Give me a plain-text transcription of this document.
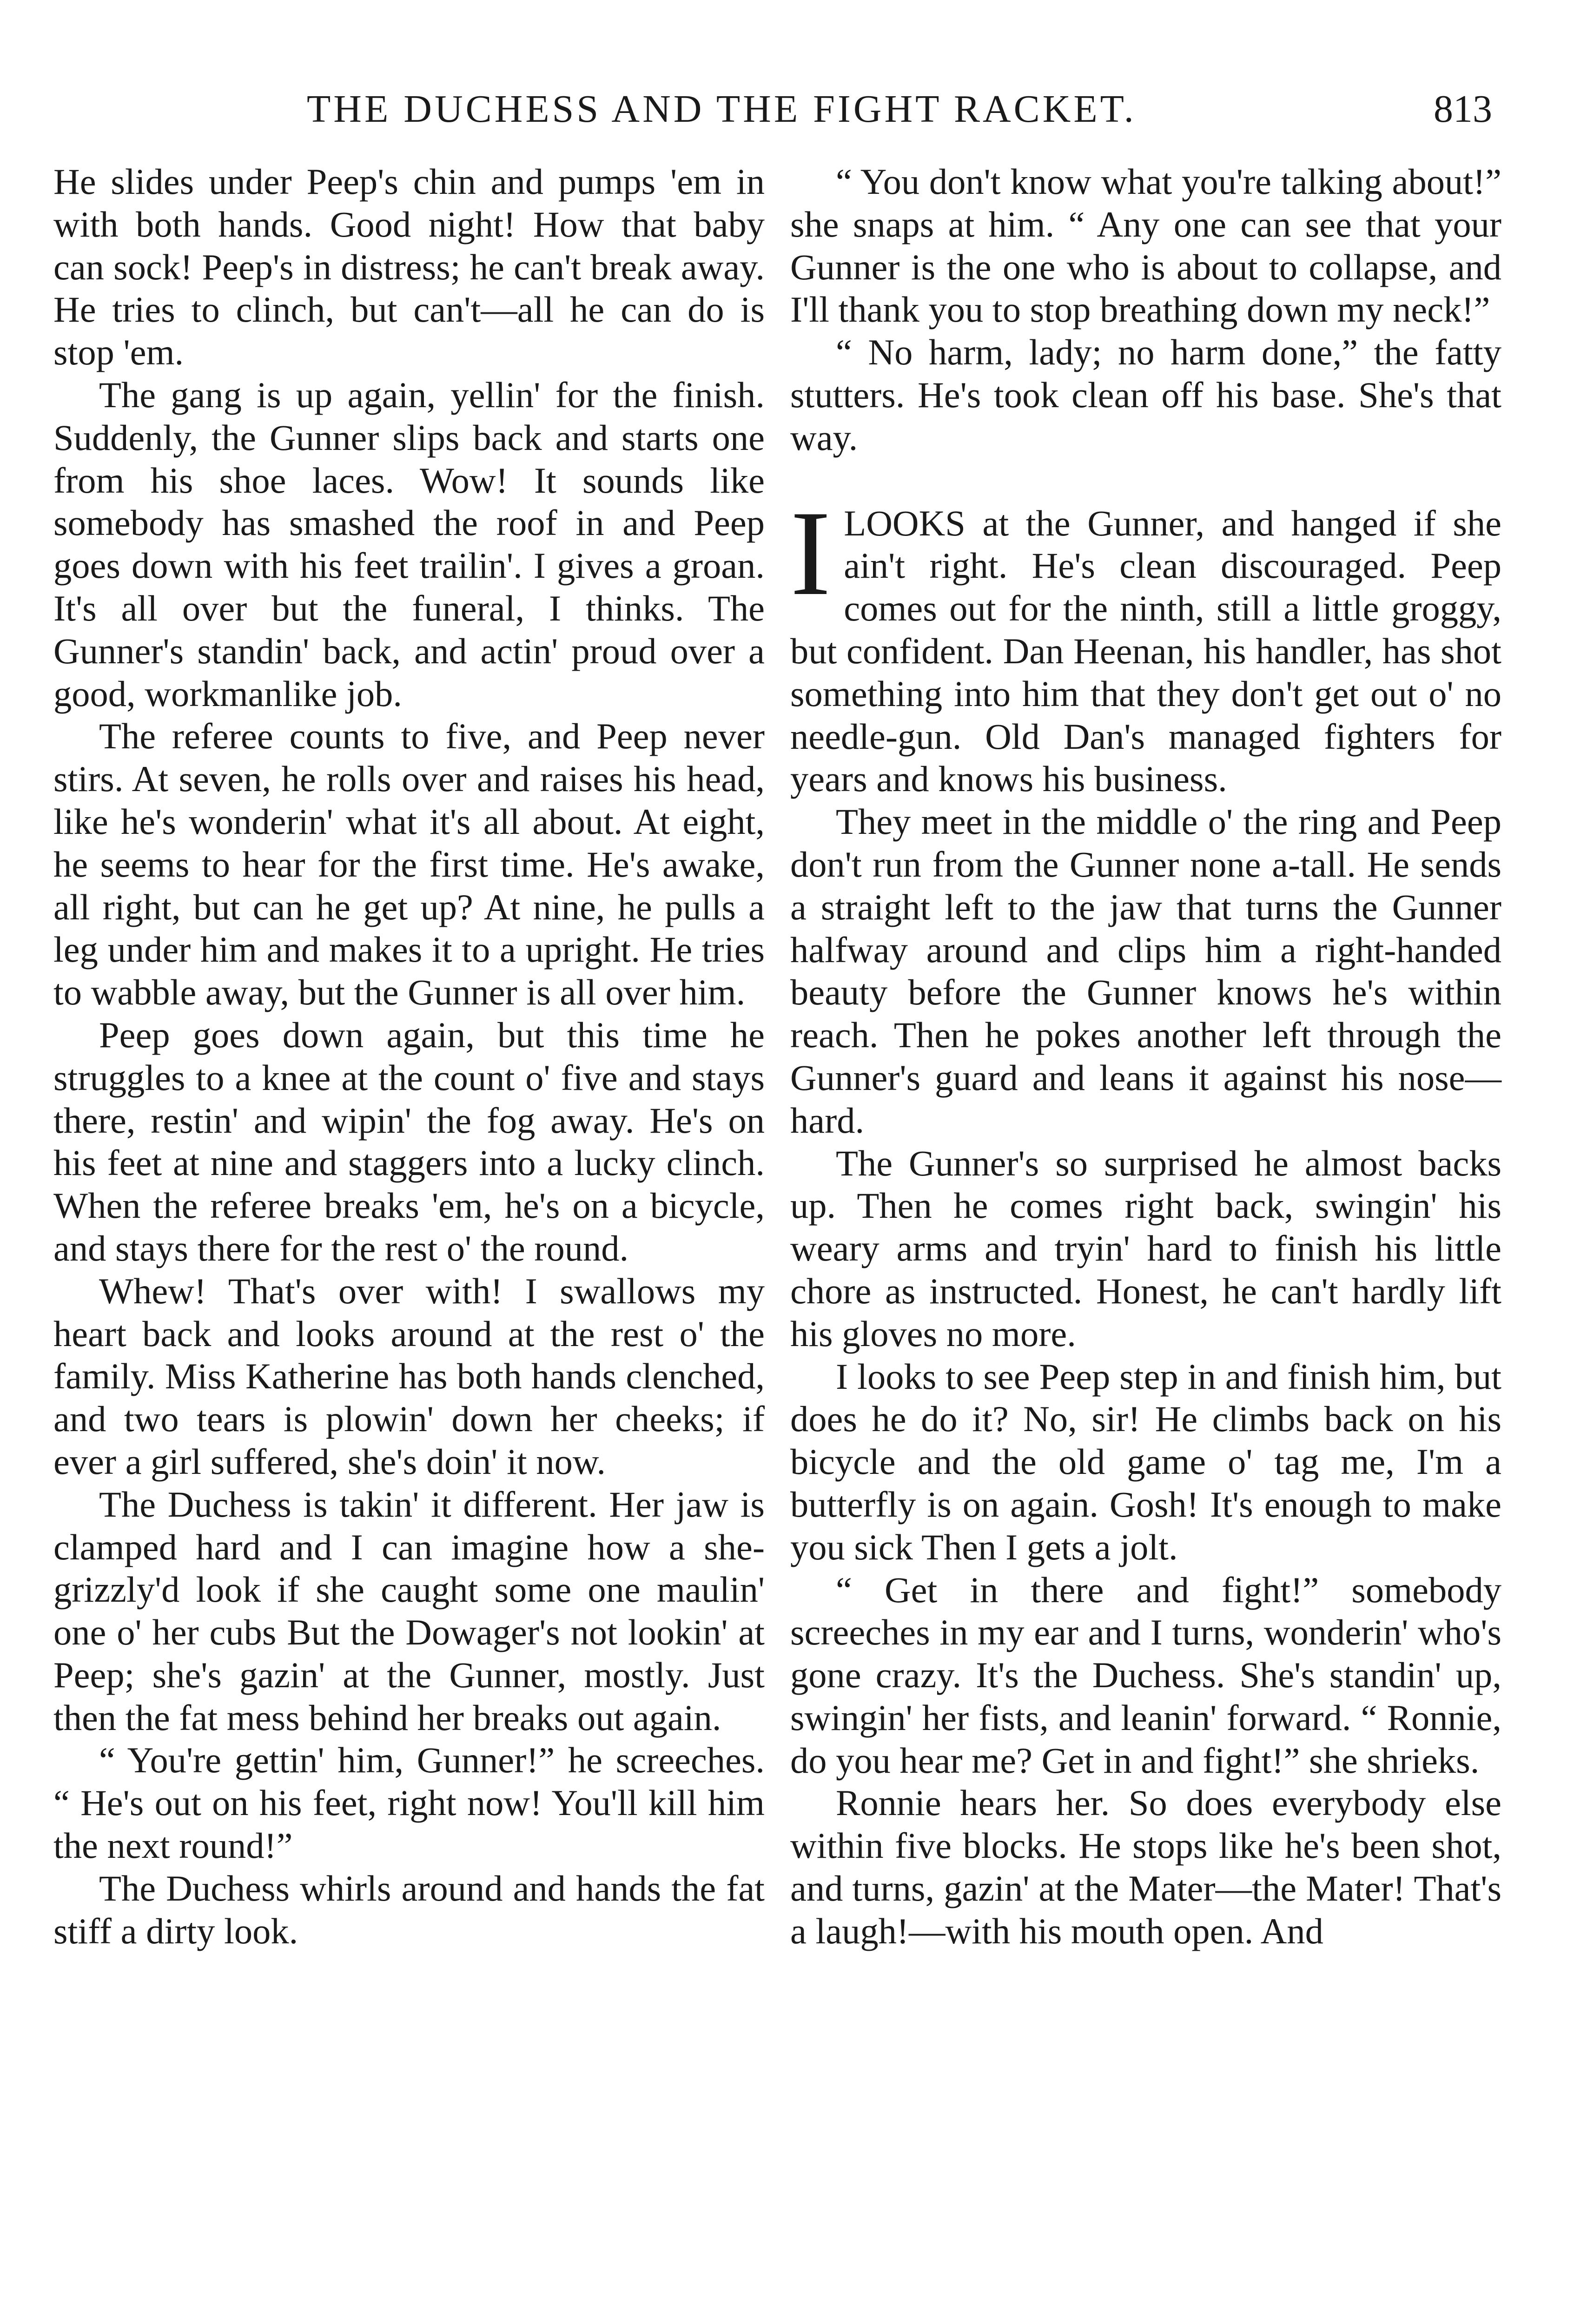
THE DUCHESS AND THE FIGHT RACKET.	813

He slides under Peep's chin and pumps 'em in with both hands. Good night! How that baby can sock! Peep's in distress; he can't break away. He tries to clinch, but can't—all he can do is stop 'em.

The gang is up again, yellin' for the finish. Suddenly, the Gunner slips back and starts one from his shoe laces. Wow! It sounds like somebody has smashed the roof in and Peep goes down with his feet trailin'. I gives a groan. It's all over but the funeral, I thinks. The Gunner's standin' back, and actin' proud over a good, workmanlike job.

The referee counts to five, and Peep never stirs. At seven, he rolls over and raises his head, like he's wonderin' what it's all about. At eight, he seems to hear for the first time. He's awake, all right, but can he get up? At nine, he pulls a leg under him and makes it to a upright. He tries to wabble away, but the Gunner is all over him.

Peep goes down again, but this time he struggles to a knee at the count o' five and stays there, restin' and wipin' the fog away. He's on his feet at nine and staggers into a lucky clinch. When the referee breaks 'em, he's on a bicycle, and stays there for the rest o' the round.

Whew! That's over with! I swallows my heart back and looks around at the rest o' the family. Miss Katherine has both hands clenched, and two tears is plowin' down her cheeks; if ever a girl suffered, she's doin' it now.

The Duchess is takin' it different. Her jaw is clamped hard and I can imagine how a she-grizzly'd look if she caught some one maulin' one o' her cubs But the Dowager's not lookin' at Peep; she's gazin' at the Gunner, mostly. Just then the fat mess behind her breaks out again.

“ You're gettin' him, Gunner!” he screeches. “ He's out on his feet, right now! You'll kill him the next round!”

The Duchess whirls around and hands the fat stiff a dirty look.

“ You don't know what you're talking about!” she snaps at him. “ Any one can see that your Gunner is the one who is about to collapse, and I'll thank you to stop breathing down my neck!”

“ No harm, lady; no harm done,” the fatty stutters. He's took clean off his base. She's that way.

ILOOKS at the Gunner, and hanged if she ain't right. He's clean discouraged. Peep comes out for the ninth, still a little groggy, but confident. Dan Heenan, his handler, has shot something into him that they don't get out o' no needle-gun. Old Dan's managed fighters for years and knows his business.

They meet in the middle o' the ring and Peep don't run from the Gunner none a-tall. He sends a straight left to the jaw that turns the Gunner halfway around and clips him a right-handed beauty before the Gunner knows he's within reach. Then he pokes another left through the Gunner's guard and leans it against his nose—hard.

The Gunner's so surprised he almost backs up. Then he comes right back, swingin' his weary arms and tryin' hard to finish his little chore as instructed. Honest, he can't hardly lift his gloves no more.

I looks to see Peep step in and finish him, but does he do it? No, sir! He climbs back on his bicycle and the old game o' tag me, I'm a butterfly is on again. Gosh! It's enough to make you sick Then I gets a jolt.

“ Get in there and fight!” somebody screeches in my ear and I turns, wonderin' who's gone crazy. It's the Duchess. She's standin' up, swingin' her fists, and leanin' forward. “ Ronnie, do you hear me? Get in and fight!” she shrieks.

Ronnie hears her. So does everybody else within five blocks. He stops like he's been shot, and turns, gazin' at the Mater—the Mater! That's a laugh!—with his mouth open. And
